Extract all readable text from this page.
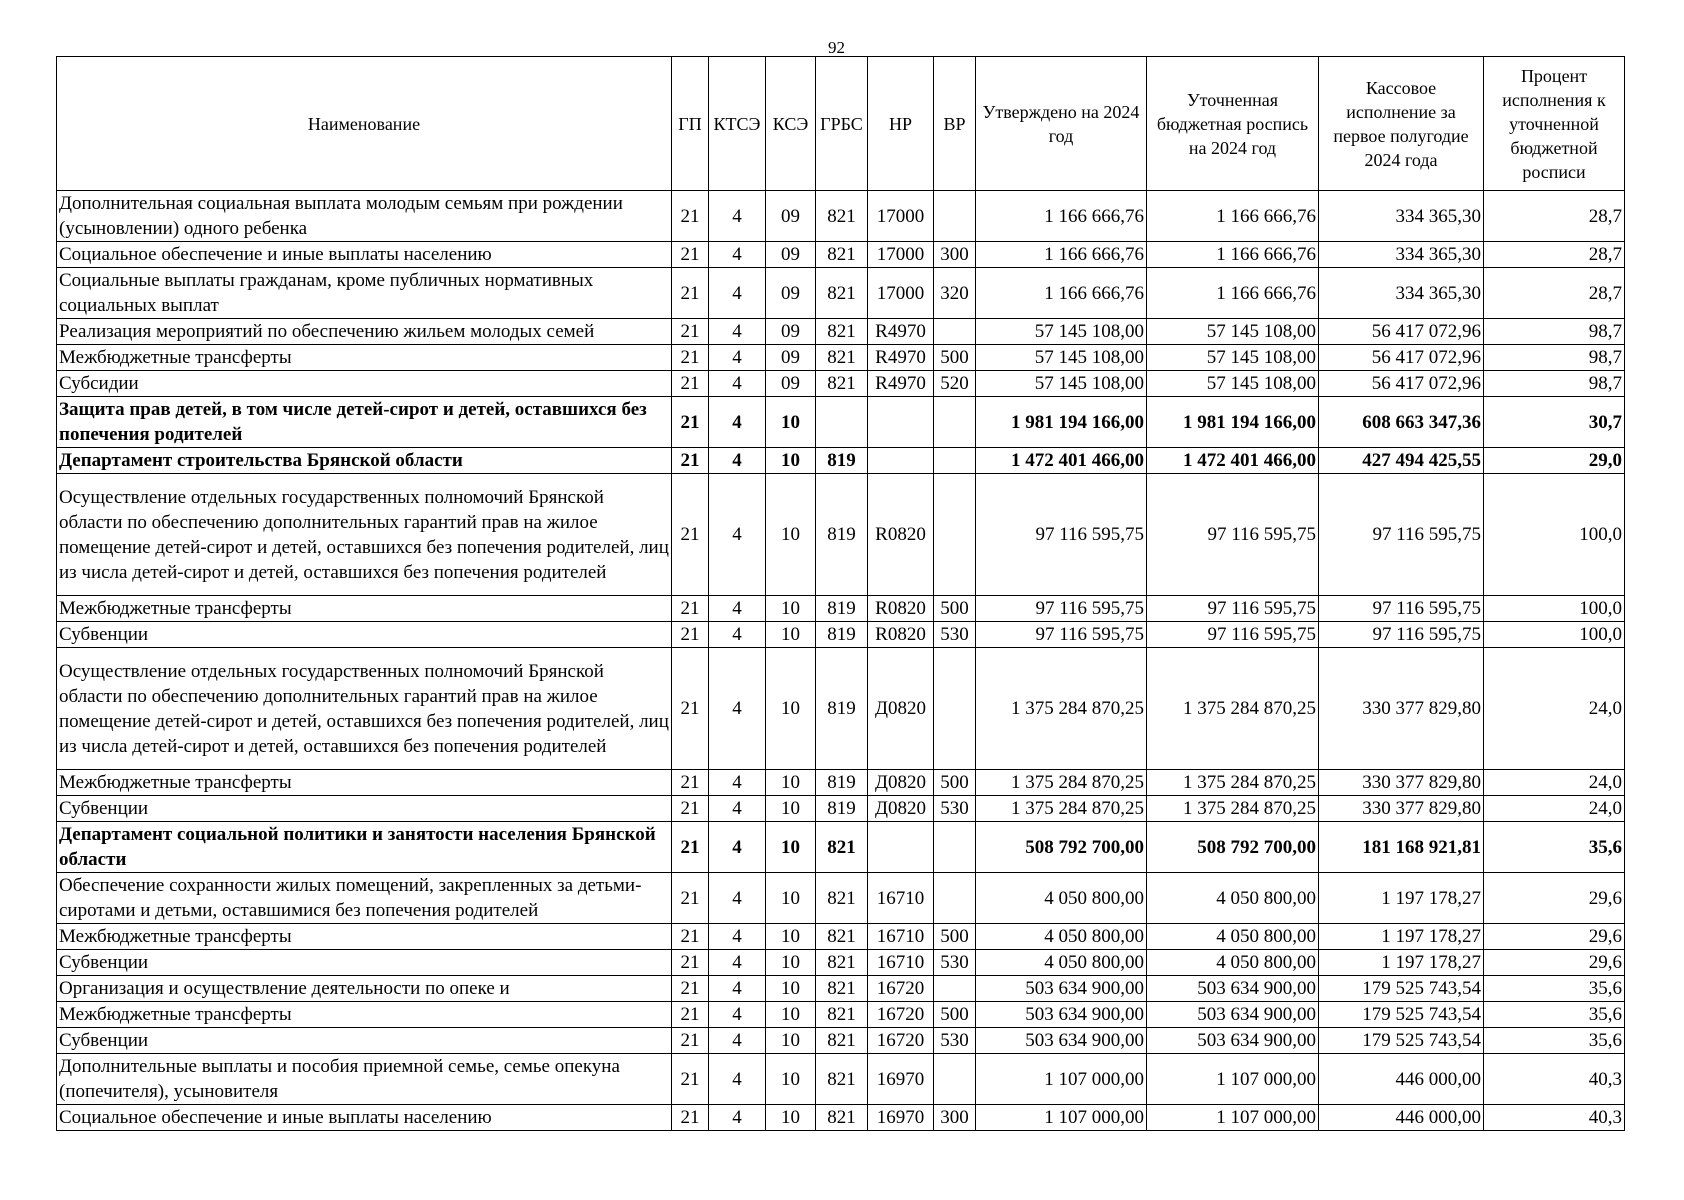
92
Наименование	ГП	КТСЭ	КСЭ	ГРБС	НР	ВР	Утверждено на 2024 год	Уточненная бюджетная роспись на 2024 год	Кассовое исполнение за первое полугодие 2024 года	Процент исполнения к уточненной бюджетной росписи
Дополнительная социальная выплата молодым семьям при рождении (усыновлении) одного ребенка	21	4	09	821	17000		1 166 666,76	1 166 666,76	334 365,30	28,7
Социальное обеспечение и иные выплаты населению	21	4	09	821	17000	300	1 166 666,76	1 166 666,76	334 365,30	28,7
Социальные выплаты гражданам, кроме публичных нормативных социальных выплат	21	4	09	821	17000	320	1 166 666,76	1 166 666,76	334 365,30	28,7
Реализация мероприятий по обеспечению жильем молодых семей	21	4	09	821	R4970		57 145 108,00	57 145 108,00	56 417 072,96	98,7
Межбюджетные трансферты	21	4	09	821	R4970	500	57 145 108,00	57 145 108,00	56 417 072,96	98,7
Субсидии	21	4	09	821	R4970	520	57 145 108,00	57 145 108,00	56 417 072,96	98,7
Защита прав детей, в том числе детей-сирот и детей, оставшихся без попечения родителей	21	4	10				1 981 194 166,00	1 981 194 166,00	608 663 347,36	30,7
Департамент строительства Брянской области	21	4	10	819			1 472 401 466,00	1 472 401 466,00	427 494 425,55	29,0
Осуществление отдельных государственных полномочий Брянской области по обеспечению дополнительных гарантий прав на жилое помещение детей-сирот и детей, оставшихся без попечения родителей, лиц из числа детей-сирот и детей, оставшихся без попечения родителей	21	4	10	819	R0820		97 116 595,75	97 116 595,75	97 116 595,75	100,0
Межбюджетные трансферты	21	4	10	819	R0820	500	97 116 595,75	97 116 595,75	97 116 595,75	100,0
Субвенции	21	4	10	819	R0820	530	97 116 595,75	97 116 595,75	97 116 595,75	100,0
Осуществление отдельных государственных полномочий Брянской области по обеспечению дополнительных гарантий прав на жилое помещение детей-сирот и детей, оставшихся без попечения родителей, лиц из числа детей-сирот и детей, оставшихся без попечения родителей	21	4	10	819	Д0820		1 375 284 870,25	1 375 284 870,25	330 377 829,80	24,0
Межбюджетные трансферты	21	4	10	819	Д0820	500	1 375 284 870,25	1 375 284 870,25	330 377 829,80	24,0
Субвенции	21	4	10	819	Д0820	530	1 375 284 870,25	1 375 284 870,25	330 377 829,80	24,0
Департамент социальной политики и занятости населения Брянской области	21	4	10	821			508 792 700,00	508 792 700,00	181 168 921,81	35,6
Обеспечение сохранности жилых помещений, закрепленных за детьми-сиротами и детьми, оставшимися без попечения родителей	21	4	10	821	16710		4 050 800,00	4 050 800,00	1 197 178,27	29,6
Межбюджетные трансферты	21	4	10	821	16710	500	4 050 800,00	4 050 800,00	1 197 178,27	29,6
Субвенции	21	4	10	821	16710	530	4 050 800,00	4 050 800,00	1 197 178,27	29,6
Организация и осуществление деятельности по опеке и	21	4	10	821	16720		503 634 900,00	503 634 900,00	179 525 743,54	35,6
Межбюджетные трансферты	21	4	10	821	16720	500	503 634 900,00	503 634 900,00	179 525 743,54	35,6
Субвенции	21	4	10	821	16720	530	503 634 900,00	503 634 900,00	179 525 743,54	35,6
Дополнительные выплаты и пособия приемной семье, семье опекуна (попечителя), усыновителя	21	4	10	821	16970		1 107 000,00	1 107 000,00	446 000,00	40,3
Социальное обеспечение и иные выплаты населению	21	4	10	821	16970	300	1 107 000,00	1 107 000,00	446 000,00	40,3
